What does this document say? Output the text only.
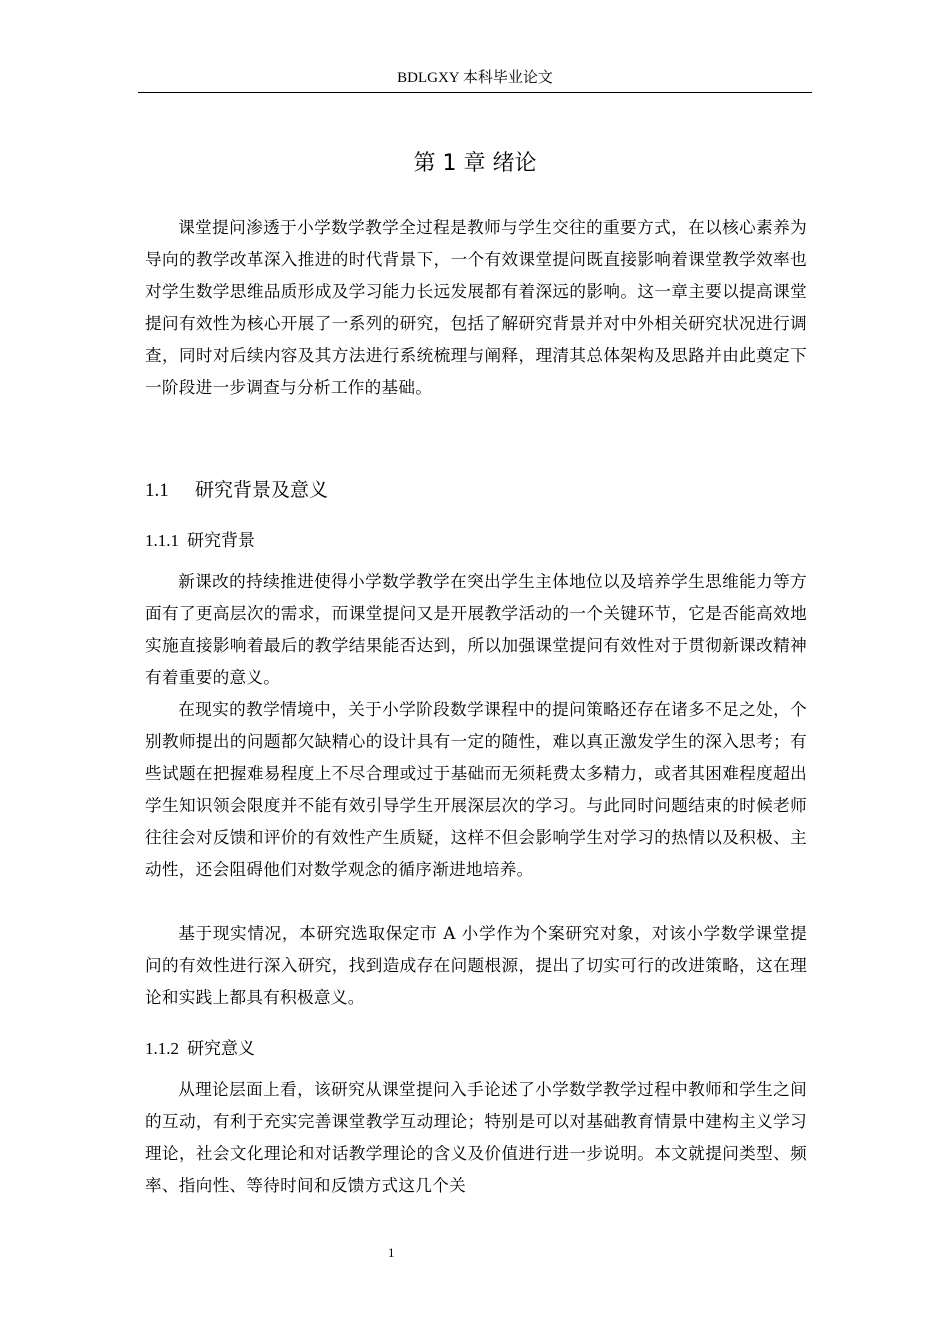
BDLGXY 本科毕业论文
第 1 章 绪论

课堂提问渗透于小学数学教学全过程是教师与学生交往的重要方式，在以核心素养为导向的教学改革深入推进的时代背景下，一个有效课堂提问既直接影响着课堂教学效率也对学生数学思维品质形成及学习能力长远发展都有着深远的影响。这一章主要以提高课堂提问有效性为核心开展了一系列的研究，包括了解研究背景并对中外相关研究状况进行调查，同时对后续内容及其方法进行系统梳理与阐释，理清其总体架构及思路并由此奠定下一阶段进一步调查与分析工作的基础。

1.1 研究背景及意义
1.1.1 研究背景

新课改的持续推进使得小学数学教学在突出学生主体地位以及培养学生思维能力等方面有了更高层次的需求，而课堂提问又是开展教学活动的一个关键环节，它是否能高效地实施直接影响着最后的教学结果能否达到，所以加强课堂提问有效性对于贯彻新课改精神有着重要的意义。

在现实的教学情境中，关于小学阶段数学课程中的提问策略还存在诸多不足之处，个别教师提出的问题都欠缺精心的设计具有一定的随性，难以真正激发学生的深入思考；有些试题在把握难易程度上不尽合理或过于基础而无须耗费太多精力，或者其困难程度超出学生知识领会限度并不能有效引导学生开展深层次的学习。与此同时问题结束的时候老师往往会对反馈和评价的有效性产生质疑，这样不但会影响学生对学习的热情以及积极、主动性，还会阻碍他们对数学观念的循序渐进地培养。

基于现实情况，本研究选取保定市 A 小学作为个案研究对象，对该小学数学课堂提问的有效性进行深入研究，找到造成存在问题根源，提出了切实可行的改进策略，这在理论和实践上都具有积极意义。

1.1.2 研究意义

从理论层面上看，该研究从课堂提问入手论述了小学数学教学过程中教师和学生之间的互动，有利于充实完善课堂教学互动理论；特别是可以对基础教育情景中建构主义学习理论，社会文化理论和对话教学理论的含义及价值进行进一步说明。本文就提问类型、频率、指向性、等待时间和反馈方式这几个关

1
